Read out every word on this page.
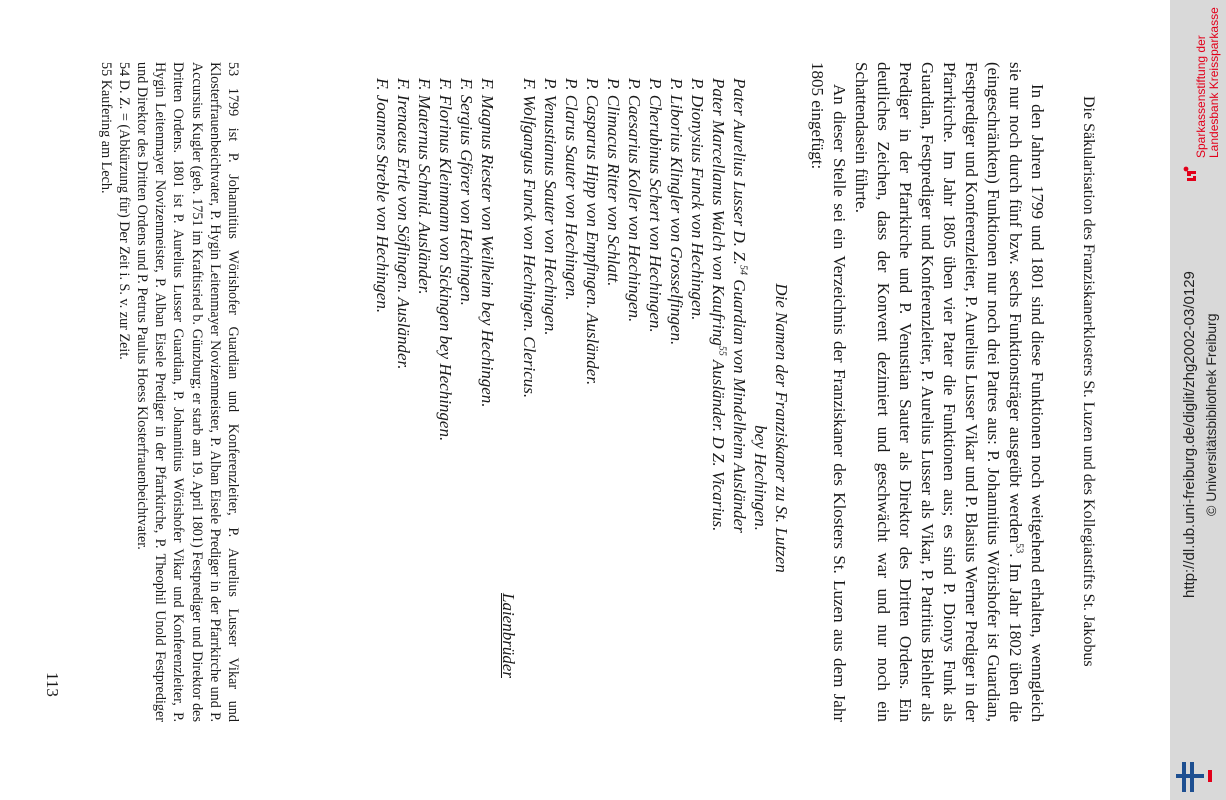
Die Säkularisation des Franziskanerklosters St. Luzen und des Kollegiatstifts St. Jakobus

In den Jahren 1799 und 1801 sind diese Funktionen noch weitgehend erhalten, wenngleich sie nur noch durch fünf bzw. sechs Funktionsträger ausgeübt werden$^{53}$. Im Jahr 1802 üben die (eingeschränkten) Funktionen nur noch drei Patres aus: P. Johannitius Wörishofer ist Guardian, Festprediger und Konferenzleiter, P. Aurelius Lusser Vikar und P. Blasius Werner Prediger in der Pfarrkirche. Im Jahr 1805 üben vier Pater die Funktionen aus; es sind P. Dionys Funk als Guardian, Festprediger und Konferenzleiter, P. Aurelius Lusser als Vikar, P. Patritius Biehler als Prediger in der Pfarrkirche und P. Venustian Sauter als Direktor des Dritten Ordens. Ein deutliches Zeichen, dass der Konvent dezimiert und geschwächt war und nur noch ein Schattendasein führte.

An dieser Stelle sei ein Verzeichnis der Franziskaner des Klosters St. Luzen aus dem Jahr 1805 eingefügt:

Die Namen der Franziskaner zu St. Lutzen
bey Hechingen.
Pater Aurelius Lusser D. Z.$^{54}$ Guardian von Mindelheim Ausländer
Pater Marcellanus Walch von Kaufring$^{55}$ Ausländer. D Z. Vicarius.
P. Dionysius Funck von Hechingen.
P. Liborius Klingler von Grosselfingen.
P. Cherubinus Schert von Hechingen.
P. Caesarius Koller von Hechingen.
P. Climacus Ritter von Schlatt.
P. Casparus Hipp von Empfingen. Ausländer.
P. Clarus Sauter von Hechingen.
P. Venustianus Sauter von Hechingen.
F. Wolfgangus Funck von Hechingen. Clericus.
Laienbrüder
F. Magnus Riester von Weilheim bey Hechingen.
F. Sergius Gförer von Hechingen.
F. Florinus Kleinmann von Sickingen bey Hechingen.
F. Maternus Schmid. Ausländer.
F. Irenaeus Ertle von Söflingen. Ausländer.
F. Joannes Streble von Hechingen.

53 1799 ist P. Johannitius Wörishofer Guardian und Konferenzleiter, P. Aurelius Lusser Vikar und Klosterfrauenbeichtvater, P. Hygin Leitenmayer Novizenmeister, P. Alban Eisele Prediger in der Pfarrkirche und P. Accursius Kugler (geb. 1751 im Kraftisried b. Günzburg; er starb am 19. April 1801) Festprediger und Direktor des Dritten Ordens. 1801 ist P. Aurelius Lusser Guardian, P. Johannitius Wörishofer Vikar und Konferenzleiter, P. Hygin Leitenmayer Novizenmeister, P. Alban Eisele Prediger in der Pfarrkirche, P. Theophil Unold Festprediger und Direktor des Dritten Ordens und P. Petrus Paulus Hoess Klosterfrauenbeichtvater.

54 D. Z. = (Abkürzung für) Der Zeit i. S. v. zur Zeit.

55 Kaufering am Lech.

113
http://dl.ub.uni-freiburg.de/diglit/zhg2002-03/0129 © Universitätsbibliothek Freiburg
Sparkassenstiftung der Landesbank Kreissparkasse
